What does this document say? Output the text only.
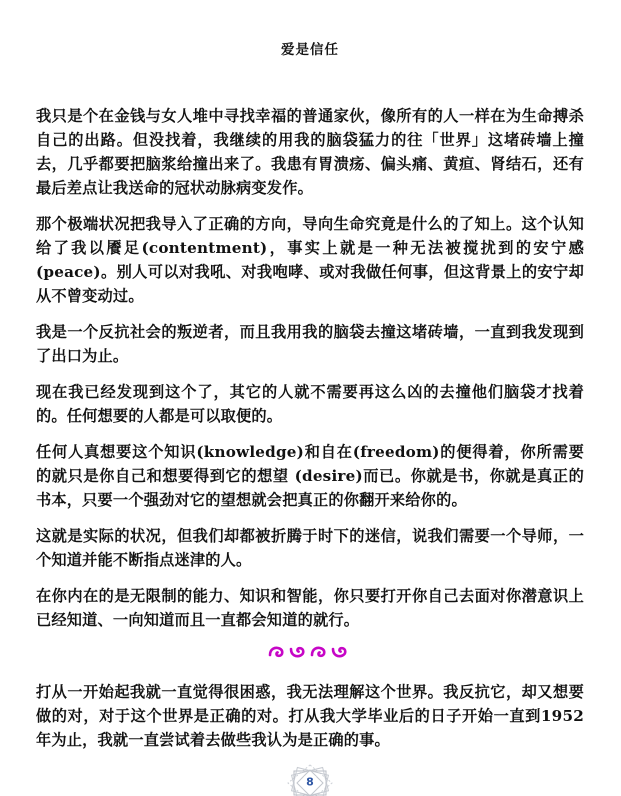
爱是信任

我只是个在金钱与女人堆中寻找幸福的普通家伙，像所有的人一样在为生命搏杀自己的出路。但没找着，我继续的用我的脑袋猛力的往「世界」这堵砖墙上撞去，几乎都要把脑浆给撞出来了。我患有胃溃疡、偏头痛、黄疸、肾结石，还有最后差点让我送命的冠状动脉病变发作。

那个极端状况把我导入了正确的方向，导向生命究竟是什么的了知上。这个认知给了我以餍足(contentment)，事实上就是一种无法被搅扰到的安宁感(peace)。别人可以对我吼、对我咆哮、或对我做任何事，但这背景上的安宁却从不曾变动过。

我是一个反抗社会的叛逆者，而且我用我的脑袋去撞这堵砖墙，一直到我发现到了出口为止。

现在我已经发现到这个了，其它的人就不需要再这么凶的去撞他们脑袋才找着的。任何想要的人都是可以取便的。

任何人真想要这个知识(knowledge)和自在(freedom)的便得着，你所需要的就只是你自己和想要得到它的想望 (desire)而已。你就是书，你就是真正的书本，只要一个强劲对它的望想就会把真正的你翻开来给你的。

这就是实际的状况，但我们却都被折腾于时下的迷信，说我们需要一个导师，一个知道并能不断指点迷津的人。

在你内在的是无限制的能力、知识和智能，你只要打开你自己去面对你潜意识上已经知道、一向知道而且一直都会知道的就行。

打从一开始起我就一直觉得很困惑，我无法理解这个世界。我反抗它，却又想要做的对，对于这个世界是正确的对。打从我大学毕业后的日子开始一直到1952年为止，我就一直尝试着去做些我认为是正确的事。

8
